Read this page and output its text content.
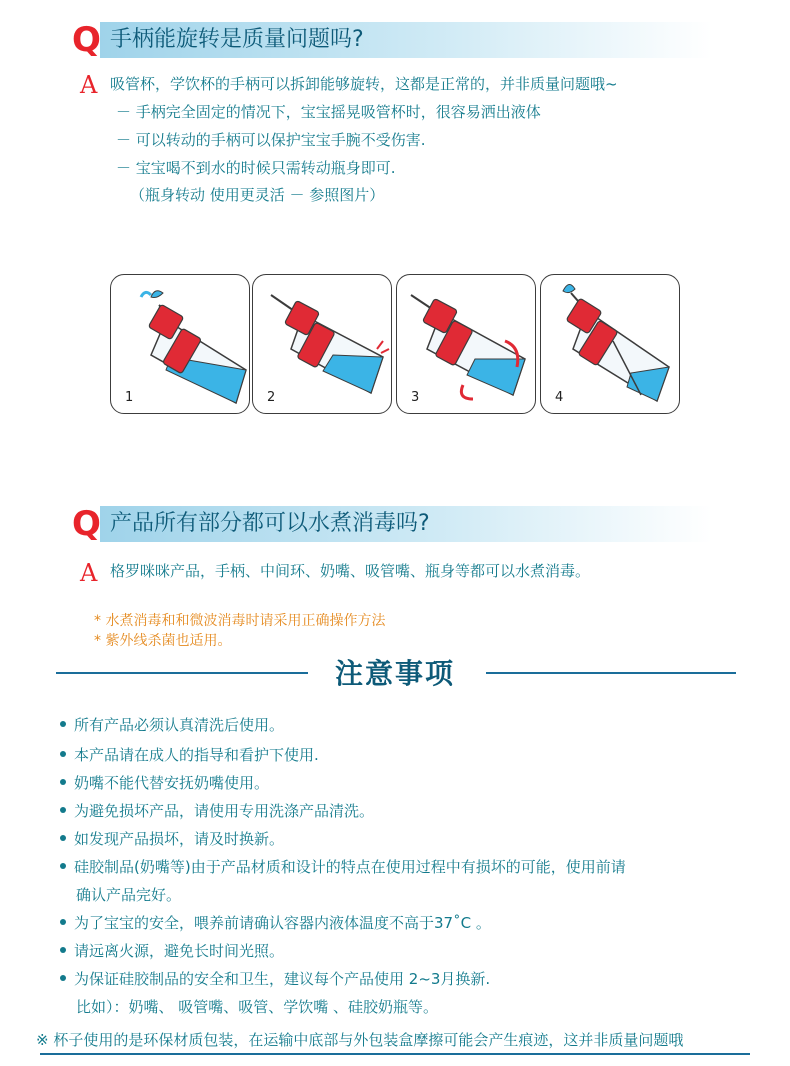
Q 手柄能旋转是质量问题吗?
A 吸管杯，学饮杯的手柄可以拆卸能够旋转，这都是正常的，并非质量问题哦~
－ 手柄完全固定的情况下，宝宝摇晃吸管杯时，很容易洒出液体
－ 可以转动的手柄可以保护宝宝手腕不受伤害.
－ 宝宝喝不到水的时候只需转动瓶身即可.
（瓶身转动 使用更灵活 － 参照图片）
1	2	3	4
Q 产品所有部分都可以水煮消毒吗?
A 格罗咪咪产品，手柄、中间环、奶嘴、吸管嘴、瓶身等都可以水煮消毒。
* 水煮消毒和和微波消毒时请采用正确操作方法
* 紫外线杀菌也适用。
注意事项
所有产品必须认真清洗后使用。
本产品请在成人的指导和看护下使用.
奶嘴不能代替安抚奶嘴使用。
为避免损坏产品，请使用专用洗涤产品清洗。
如发现产品损坏，请及时换新。
硅胶制品(奶嘴等)由于产品材质和设计的特点在使用过程中有损坏的可能，使用前请
确认产品完好。
为了宝宝的安全，喂养前请确认容器内液体温度不高于37˚C 。
请远离火源，避免长时间光照。
为保证硅胶制品的安全和卫生，建议每个产品使用 2~3月换新.
比如）：奶嘴、 吸管嘴、吸管、学饮嘴 、硅胶奶瓶等。
※ 杯子使用的是环保材质包装，在运输中底部与外包装盒摩擦可能会产生痕迹，这并非质量问题哦
